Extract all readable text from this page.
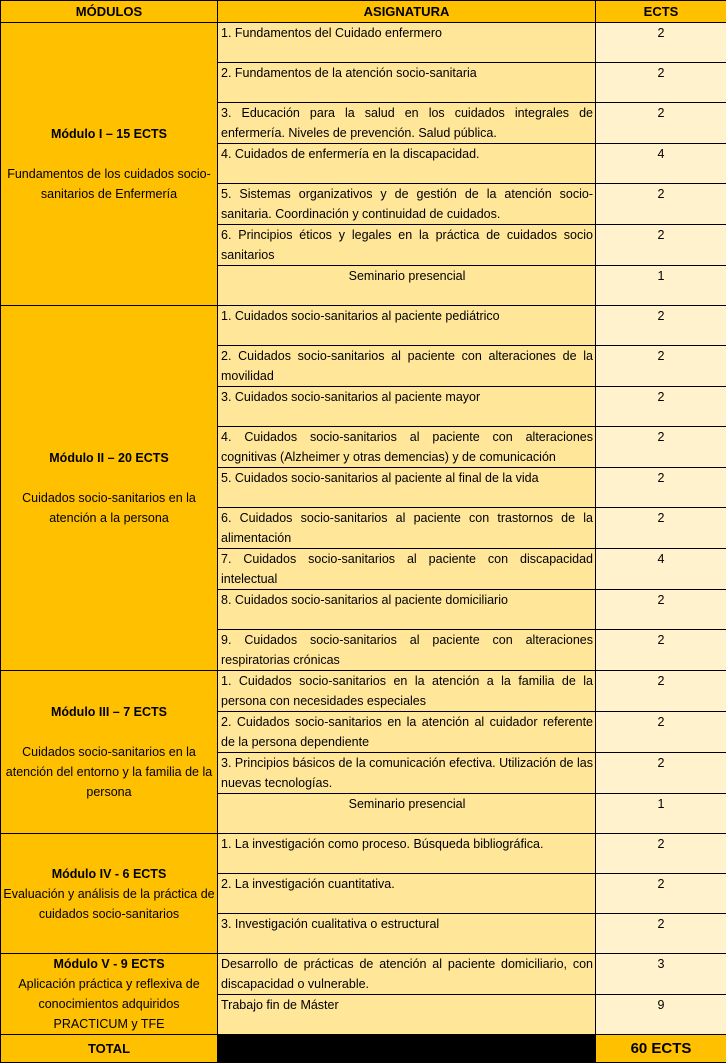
MÓDULOS	ASIGNATURA	ECTS

Módulo I – 15 ECTS
Fundamentos de los cuidados socio-sanitarios de Enfermería	1. Fundamentos del Cuidado enfermero	2
	2. Fundamentos de la atención socio-sanitaria	2
	3. Educación para la salud en los cuidados integrales de enfermería. Niveles de prevención. Salud pública.	2
	4. Cuidados de enfermería en la discapacidad.	4
	5. Sistemas organizativos y de gestión de la atención socio-sanitaria. Coordinación y continuidad de cuidados.	2
	6. Principios éticos y legales en la práctica de cuidados socio sanitarios	2
	Seminario presencial	1

Módulo II – 20 ECTS
Cuidados socio-sanitarios en la atención a la persona	1. Cuidados socio-sanitarios al paciente pediátrico	2
	2. Cuidados socio-sanitarios al paciente con alteraciones de la movilidad	2
	3. Cuidados socio-sanitarios al paciente mayor	2
	4. Cuidados socio-sanitarios al paciente con alteraciones cognitivas (Alzheimer y otras demencias) y de comunicación	2
	5. Cuidados socio-sanitarios al paciente al final de la vida	2
	6. Cuidados socio-sanitarios al paciente con trastornos de la alimentación	2
	7. Cuidados socio-sanitarios al paciente con discapacidad intelectual	4
	8. Cuidados socio-sanitarios al paciente domiciliario	2
	9. Cuidados socio-sanitarios al paciente con alteraciones respiratorias crónicas	2

Módulo III – 7 ECTS
Cuidados socio-sanitarios en la atención del entorno y la familia de la persona	1. Cuidados socio-sanitarios en la atención a la familia de la persona con necesidades especiales	2
	2. Cuidados socio-sanitarios en la atención al cuidador referente de la persona dependiente	2
	3. Principios básicos de la comunicación efectiva. Utilización de las nuevas tecnologías.	2
	Seminario presencial	1

Módulo IV - 6 ECTS
Evaluación y análisis de la práctica de cuidados socio-sanitarios	1. La investigación como proceso. Búsqueda bibliográfica.	2
	2. La investigación cuantitativa.	2
	3. Investigación cualitativa o estructural	2

Módulo V - 9 ECTS
Aplicación práctica y reflexiva de conocimientos adquiridos PRACTICUM y TFE	Desarrollo de prácticas de atención al paciente domiciliario, con discapacidad o vulnerable.	3
	Trabajo fin de Máster	9
TOTAL		60 ECTS
